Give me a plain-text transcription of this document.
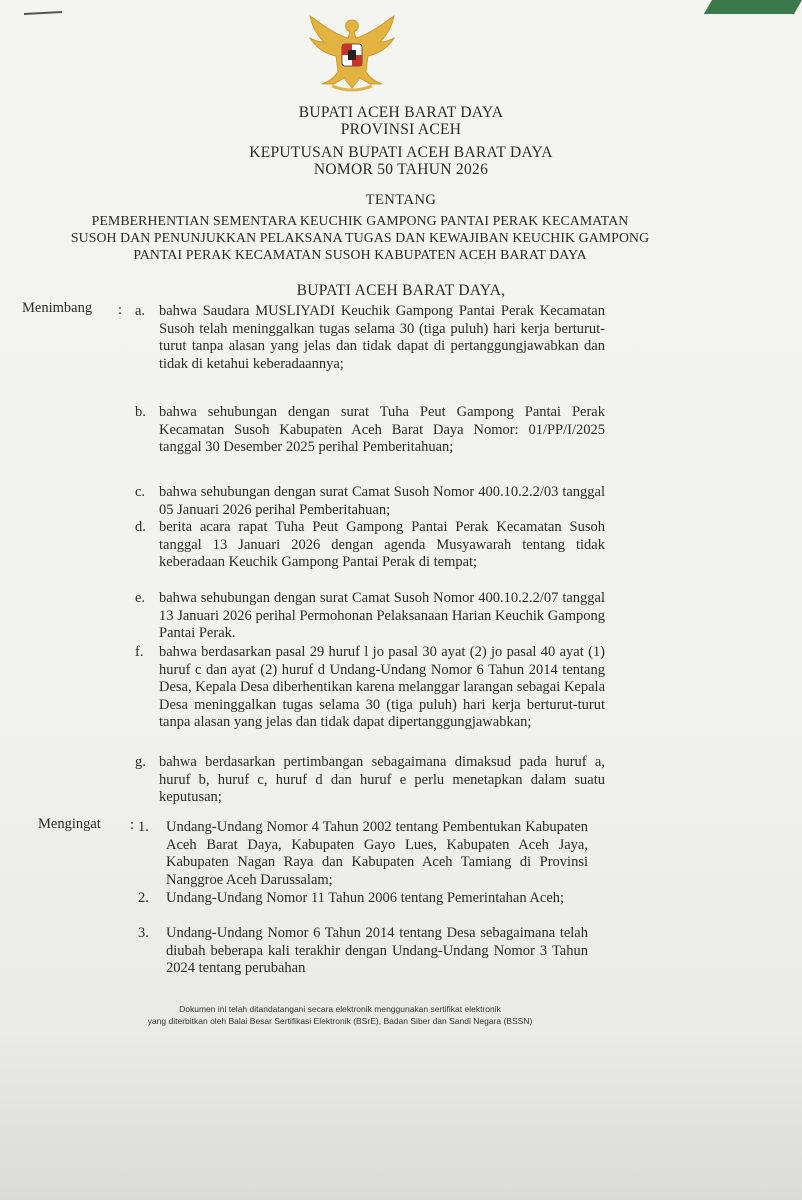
BUPATI ACEH BARAT DAYA
PROVINSI ACEH
KEPUTUSAN BUPATI ACEH BARAT DAYA
NOMOR 50 TAHUN 2026
TENTANG
PEMBERHENTIAN SEMENTARA KEUCHIK GAMPONG PANTAI PERAK KECAMATAN
SUSOH DAN PENUNJUKKAN PELAKSANA TUGAS DAN KEWAJIBAN KEUCHIK GAMPONG
PANTAI PERAK KECAMATAN SUSOH KABUPATEN ACEH BARAT DAYA
BUPATI ACEH BARAT DAYA,
Menimbang : a. bahwa Saudara MUSLIYADI Keuchik Gampong Pantai Perak Kecamatan Susoh telah meninggalkan tugas selama 30 (tiga puluh) hari kerja berturut-turut tanpa alasan yang jelas dan tidak dapat di pertanggungjawabkan dan tidak di ketahui keberadaannya;
b. bahwa sehubungan dengan surat Tuha Peut Gampong Pantai Perak Kecamatan Susoh Kabupaten Aceh Barat Daya Nomor: 01/PP/I/2025 tanggal 30 Desember 2025 perihal Pemberitahuan;
c. bahwa sehubungan dengan surat Camat Susoh Nomor 400.10.2.2/03 tanggal 05 Januari 2026 perihal Pemberitahuan;
d. berita acara rapat Tuha Peut Gampong Pantai Perak Kecamatan Susoh tanggal 13 Januari 2026 dengan agenda Musyawarah tentang tidak keberadaan Keuchik Gampong Pantai Perak di tempat;
e. bahwa sehubungan dengan surat Camat Susoh Nomor 400.10.2.2/07 tanggal 13 Januari 2026 perihal Permohonan Pelaksanaan Harian Keuchik Gampong Pantai Perak.
f.	bahwa berdasarkan pasal 29 huruf l jo pasal 30 ayat (2) jo pasal 40 ayat (1) huruf c dan ayat (2) huruf d Undang-Undang Nomor 6 Tahun 2014 tentang Desa, Kepala Desa diberhentikan karena melanggar larangan sebagai Kepala Desa meninggalkan tugas selama 30 (tiga puluh) hari kerja berturut-turut tanpa alasan yang jelas dan tidak dapat dipertanggungjawabkan;
g. bahwa berdasarkan pertimbangan sebagaimana dimaksud pada huruf a, huruf b, huruf c, huruf d dan huruf e perlu menetapkan dalam suatu keputusan;
Mengingat : 1.	Undang-Undang Nomor 4 Tahun 2002 tentang Pembentukan Kabupaten Aceh Barat Daya, Kabupaten Gayo Lues, Kabupaten Aceh Jaya, Kabupaten Nagan Raya dan Kabupaten Aceh Tamiang di Provinsi Nanggroe Aceh Darussalam;
2.	Undang-Undang Nomor 11 Tahun 2006 tentang Pemerintahan Aceh;
3.	Undang-Undang Nomor 6 Tahun 2014 tentang Desa sebagaimana telah diubah beberapa kali terakhir dengan Undang-Undang Nomor 3 Tahun 2024 tentang perubahan
Dokumen ini telah ditandatangani secara elektronik menggunakan sertifikat elektronik
yang diterbitkan oleh Balai Besar Sertifikasi Elektronik (BSrE), Badan Siber dan Sandi Negara (BSSN)
